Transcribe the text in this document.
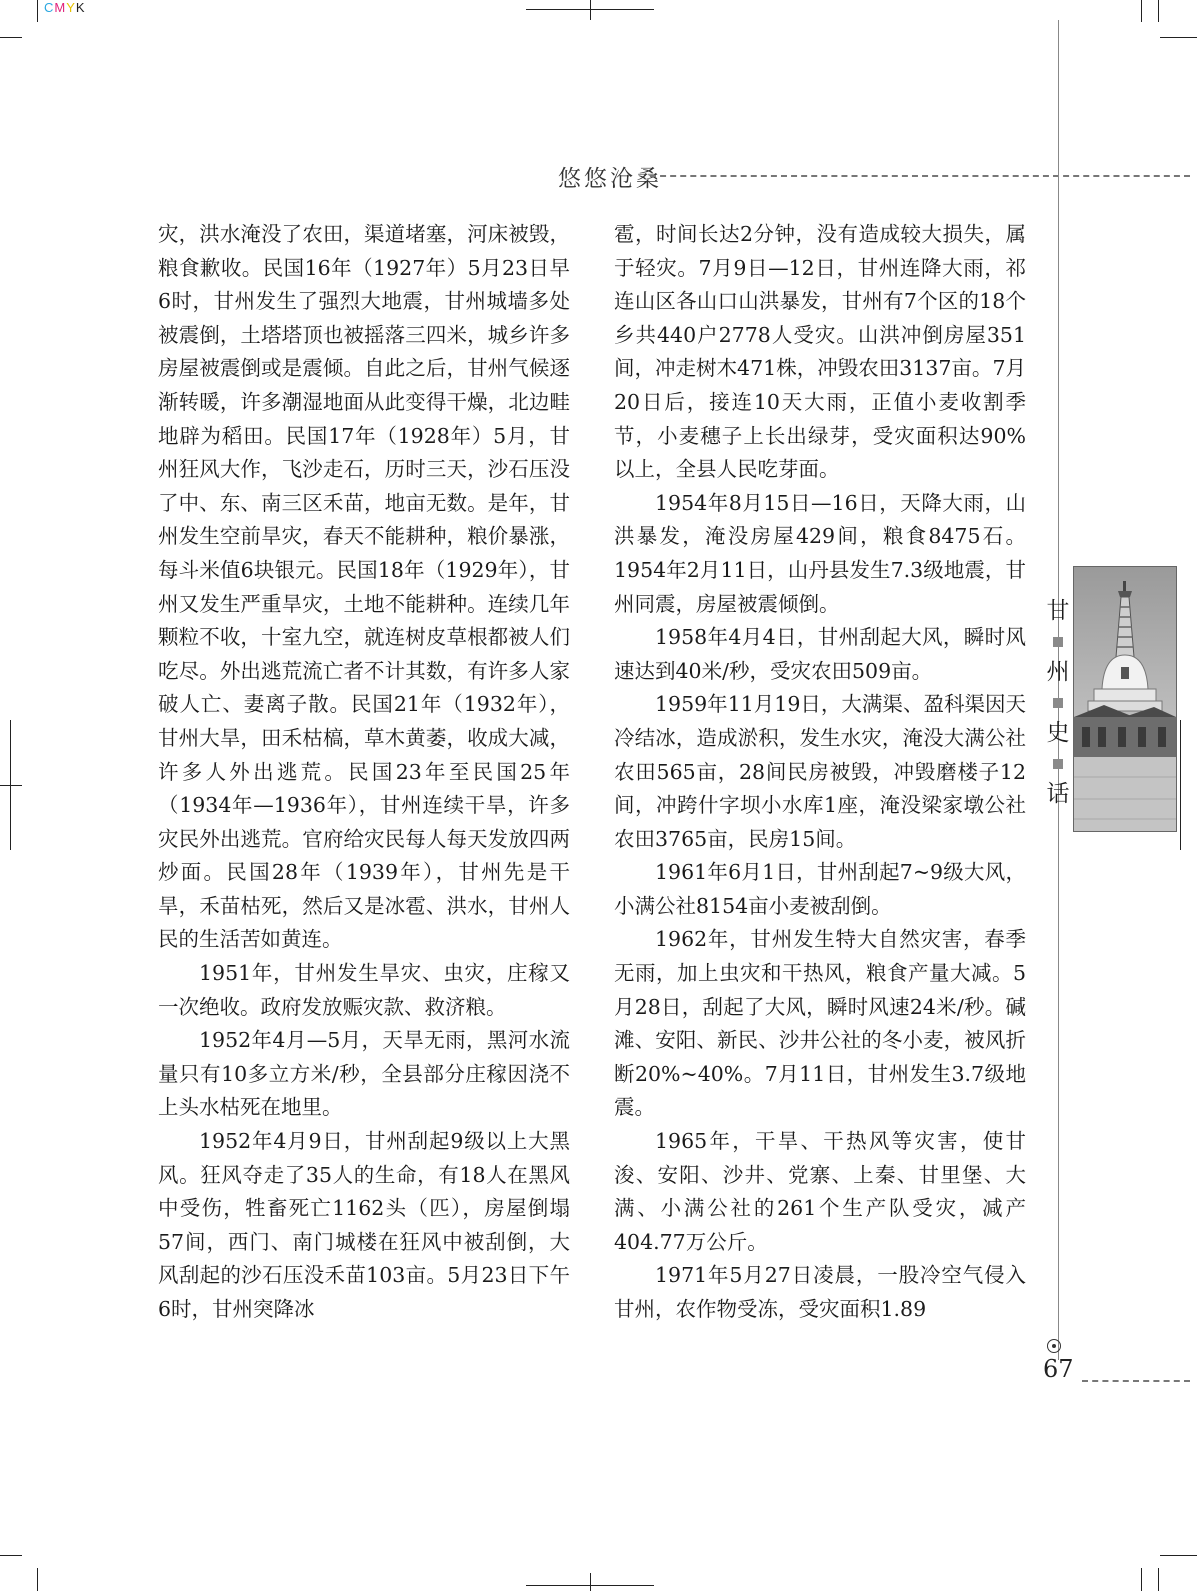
CMYK
悠悠沧桑

灾，洪水淹没了农田，渠道堵塞，河床被毁，粮食歉收。民国16年（1927年）5月23日早6时，甘州发生了强烈大地震，甘州城墙多处被震倒，土塔塔顶也被摇落三四米，城乡许多房屋被震倒或是震倾。自此之后，甘州气候逐渐转暖，许多潮湿地面从此变得干燥，北边畦地辟为稻田。民国17年（1928年）5月，甘州狂风大作，飞沙走石，历时三天，沙石压没了中、东、南三区禾苗，地亩无数。是年，甘州发生空前旱灾，春天不能耕种，粮价暴涨，每斗米值6块银元。民国18年（1929年），甘州又发生严重旱灾，土地不能耕种。连续几年颗粒不收，十室九空，就连树皮草根都被人们吃尽。外出逃荒流亡者不计其数，有许多人家破人亡、妻离子散。民国21年（1932年），甘州大旱，田禾枯槁，草木黄萎，收成大减，许多人外出逃荒。民国23年至民国25年（1934年—1936年），甘州连续干旱，许多灾民外出逃荒。官府给灾民每人每天发放四两炒面。民国28年（1939年），甘州先是干旱，禾苗枯死，然后又是冰雹、洪水，甘州人民的生活苦如黄连。

1951年，甘州发生旱灾、虫灾，庄稼又一次绝收。政府发放赈灾款、救济粮。

1952年4月—5月，天旱无雨，黑河水流量只有10多立方米/秒，全县部分庄稼因浇不上头水枯死在地里。

1952年4月9日，甘州刮起9级以上大黑风。狂风夺走了35人的生命，有18人在黑风中受伤，牲畜死亡1162头（匹），房屋倒塌57间，西门、南门城楼在狂风中被刮倒，大风刮起的沙石压没禾苗103亩。5月23日下午6时，甘州突降冰

雹，时间长达2分钟，没有造成较大损失，属于轻灾。7月9日—12日，甘州连降大雨，祁连山区各山口山洪暴发，甘州有7个区的18个乡共440户2778人受灾。山洪冲倒房屋351间，冲走树木471株，冲毁农田3137亩。7月20日后，接连10天大雨，正值小麦收割季节，小麦穗子上长出绿芽，受灾面积达90%以上，全县人民吃芽面。

1954年8月15日—16日，天降大雨，山洪暴发，淹没房屋429间，粮食8475石。1954年2月11日，山丹县发生7.3级地震，甘州同震，房屋被震倾倒。

1958年4月4日，甘州刮起大风，瞬时风速达到40米/秒，受灾农田509亩。

1959年11月19日，大满渠、盈科渠因天冷结冰，造成淤积，发生水灾，淹没大满公社农田565亩，28间民房被毁，冲毁磨楼子12间，冲跨什字坝小水库1座，淹没梁家墩公社农田3765亩，民房15间。

1961年6月1日，甘州刮起7~9级大风，小满公社8154亩小麦被刮倒。

1962年，甘州发生特大自然灾害，春季无雨，加上虫灾和干热风，粮食产量大减。5月28日，刮起了大风，瞬时风速24米/秒。碱滩、安阳、新民、沙井公社的冬小麦，被风折断20%~40%。7月11日，甘州发生3.7级地震。

1965年，干旱、干热风等灾害，使甘浚、安阳、沙井、党寨、上秦、甘里堡、大满、小满公社的261个生产队受灾，减产404.77万公斤。

1971年5月27日凌晨，一股冷空气侵入甘州，农作物受冻，受灾面积1.89

甘
州
史
话
67
